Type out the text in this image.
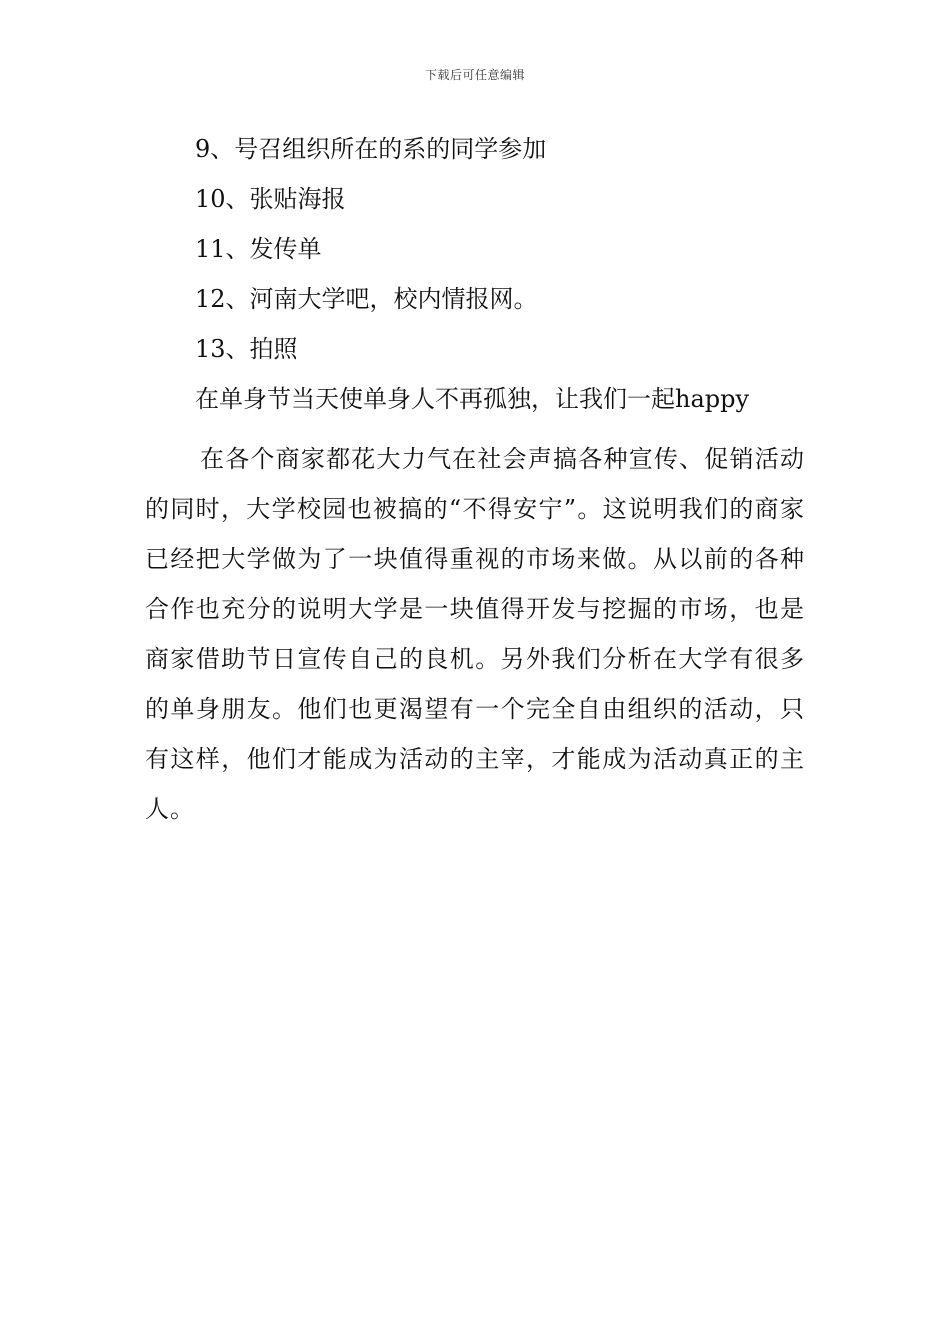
下载后可任意编辑
9、号召组织所在的系的同学参加
10、张贴海报
11、发传单
12、河南大学吧，校内情报网。
13、拍照
在单身节当天使单身人不再孤独，让我们一起happy
在各个商家都花大力气在社会声搞各种宣传、促销活动的同时，大学校园也被搞的“不得安宁”。这说明我们的商家已经把大学做为了一块值得重视的市场来做。从以前的各种合作也充分的说明大学是一块值得开发与挖掘的市场，也是商家借助节日宣传自己的良机。另外我们分析在大学有很多的单身朋友。他们也更渴望有一个完全自由组织的活动，只有这样，他们才能成为活动的主宰，才能成为活动真正的主人。
